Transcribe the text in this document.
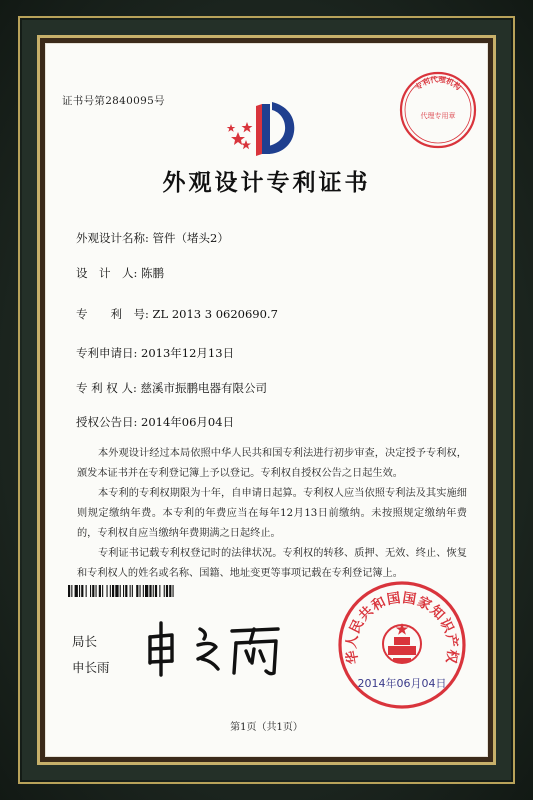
证书号第2840095号
专利代理机构
代理专用章
外观设计专利证书
外观设计名称: 管件（堵头2）
设　计　人: 陈鹏
专　　利　号: ZL 2013 3 0620690.7
专利申请日: 2013年12月13日
专 利 权 人: 慈溪市振鹏电器有限公司
授权公告日: 2014年06月04日
本外观设计经过本局依照中华人民共和国专利法进行初步审查，决定授予专利权，颁发本证书并在专利登记簿上予以登记。专利权自授权公告之日起生效。
本专利的专利权期限为十年，自申请日起算。专利权人应当依照专利法及其实施细则规定缴纳年费。本专利的年费应当在每年12月13日前缴纳。未按照规定缴纳年费的，专利权自应当缴纳年费期满之日起终止。
专利证书记载专利权登记时的法律状况。专利权的转移、质押、无效、终止、恢复和专利权人的姓名或名称、国籍、地址变更等事项记载在专利登记簿上。
局长
申长雨
华人民共和国国家知识产权
2014年06月04日
第1页（共1页）
